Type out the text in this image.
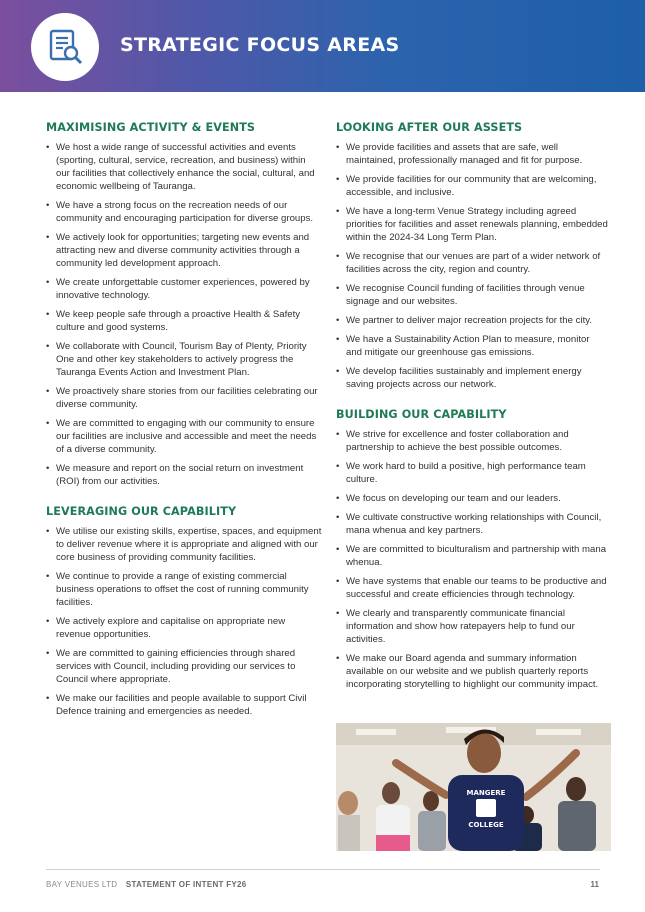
STRATEGIC FOCUS AREAS
MAXIMISING ACTIVITY & EVENTS
• We host a wide range of successful activities and events (sporting, cultural, service, recreation, and business) within our facilities that collectively enhance the social, cultural, and economic wellbeing of Tauranga.
• We have a strong focus on the recreation needs of our community and encouraging participation for diverse groups.
• We actively look for opportunities; targeting new events and attracting new and diverse community activities through a community led development approach.
• We create unforgettable customer experiences, powered by innovative technology.
• We keep people safe through a proactive Health & Safety culture and good systems.
• We collaborate with Council, Tourism Bay of Plenty, Priority One and other key stakeholders to actively progress the Tauranga Events Action and Investment Plan.
• We proactively share stories from our facilities celebrating our diverse community.
• We are committed to engaging with our community to ensure our facilities are inclusive and accessible and meet the needs of a diverse community.
• We measure and report on the social return on investment (ROI) from our activities.
LEVERAGING OUR CAPABILITY
• We utilise our existing skills, expertise, spaces, and equipment to deliver revenue where it is appropriate and aligned with our core business of providing community facilities.
• We continue to provide a range of existing commercial business operations to offset the cost of running community facilities.
• We actively explore and capitalise on appropriate new revenue opportunities.
• We are committed to gaining efficiencies through shared services with Council, including providing our services to Council where appropriate.
• We make our facilities and people available to support Civil Defence training and emergencies as needed.
LOOKING AFTER OUR ASSETS
• We provide facilities and assets that are safe, well maintained, professionally managed and fit for purpose.
• We provide facilities for our community that are welcoming, accessible, and inclusive.
• We have a long-term Venue Strategy including agreed priorities for facilities and asset renewals planning, embedded within the 2024-34 Long Term Plan.
• We recognise that our venues are part of a wider network of facilities across the city, region and country.
• We recognise Council funding of facilities through venue signage and our websites.
• We partner to deliver major recreation projects for the city.
• We have a Sustainability Action Plan to measure, monitor and mitigate our greenhouse gas emissions.
• We develop facilities sustainably and implement energy saving projects across our network.
BUILDING OUR CAPABILITY
• We strive for excellence and foster collaboration and partnership to achieve the best possible outcomes.
• We work hard to build a positive, high performance team culture.
• We focus on developing our team and our leaders.
• We cultivate constructive working relationships with Council, mana whenua and key partners.
• We are committed to biculturalism and partnership with mana whenua.
• We have systems that enable our teams to be productive and successful and create efficiencies through technology.
• We clearly and transparently communicate financial information and show how ratepayers help to fund our activities.
• We make our Board agenda and summary information available on our website and we publish quarterly reports incorporating storytelling to highlight our community impact.
MANGERE
COLLEGE
BAY VENUES LTD STATEMENT OF INTENT FY26	11
